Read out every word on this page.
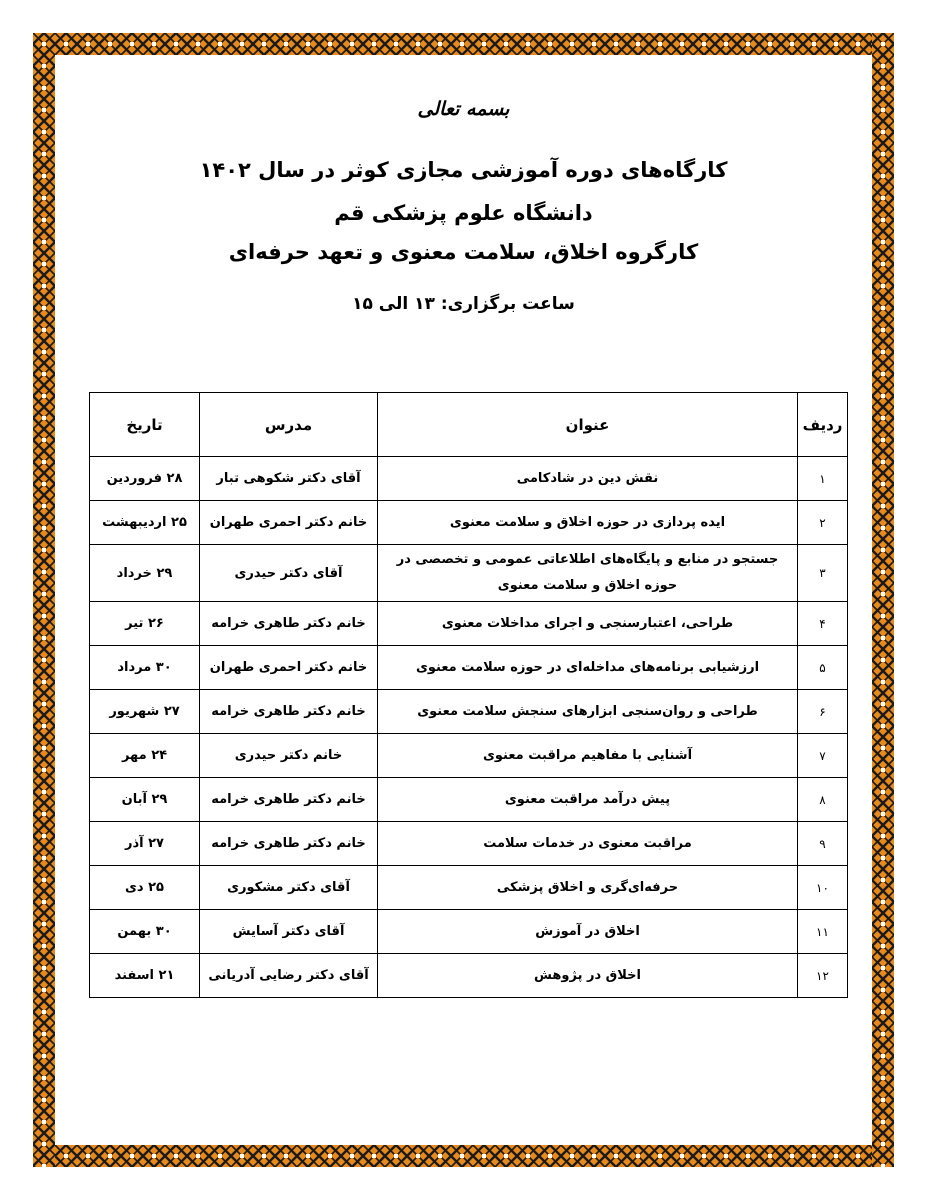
بسمه تعالی
کارگاه‌های دوره آموزشی مجازی کوثر در سال ۱۴۰۲
دانشگاه علوم پزشکی قم
کارگروه اخلاق، سلامت معنوی و تعهد حرفه‌ای
ساعت برگزاری: ۱۳ الی ۱۵
ردیف	عنوان	مدرس	تاریخ
۱	نقش دین در شادکامی	آقای دکتر شکوهی تبار	۲۸ فروردین
۲	ایده پردازی در حوزه اخلاق و سلامت معنوی	خانم دکتر احمری طهران	۲۵ اردیبهشت
۳	جستجو در منابع و پایگاه‌های اطلاعاتی عمومی و تخصصی در حوزه اخلاق و سلامت معنوی	آقای دکتر حیدری	۲۹ خرداد
۴	طراحی، اعتبارسنجی و اجرای مداخلات معنوی	خانم دکتر طاهری خرامه	۲۶ تیر
۵	ارزشیابی برنامه‌های مداخله‌ای در حوزه سلامت معنوی	خانم دکتر احمری طهران	۳۰ مرداد
۶	طراحی و روان‌سنجی ابزارهای سنجش سلامت معنوی	خانم دکتر طاهری خرامه	۲۷ شهریور
۷	آشنایی با مفاهیم مراقبت معنوی	خانم دکتر حیدری	۲۴ مهر
۸	پیش درآمد مراقبت معنوی	خانم دکتر طاهری خرامه	۲۹ آبان
۹	مراقبت معنوی در خدمات سلامت	خانم دکتر طاهری خرامه	۲۷ آذر
۱۰	حرفه‌ای‌گری و اخلاق پزشکی	آقای دکتر مشکوری	۲۵ دی
۱۱	اخلاق در آموزش	آقای دکتر آسایش	۳۰ بهمن
۱۲	اخلاق در پژوهش	آقای دکتر رضایی آدریانی	۲۱ اسفند
